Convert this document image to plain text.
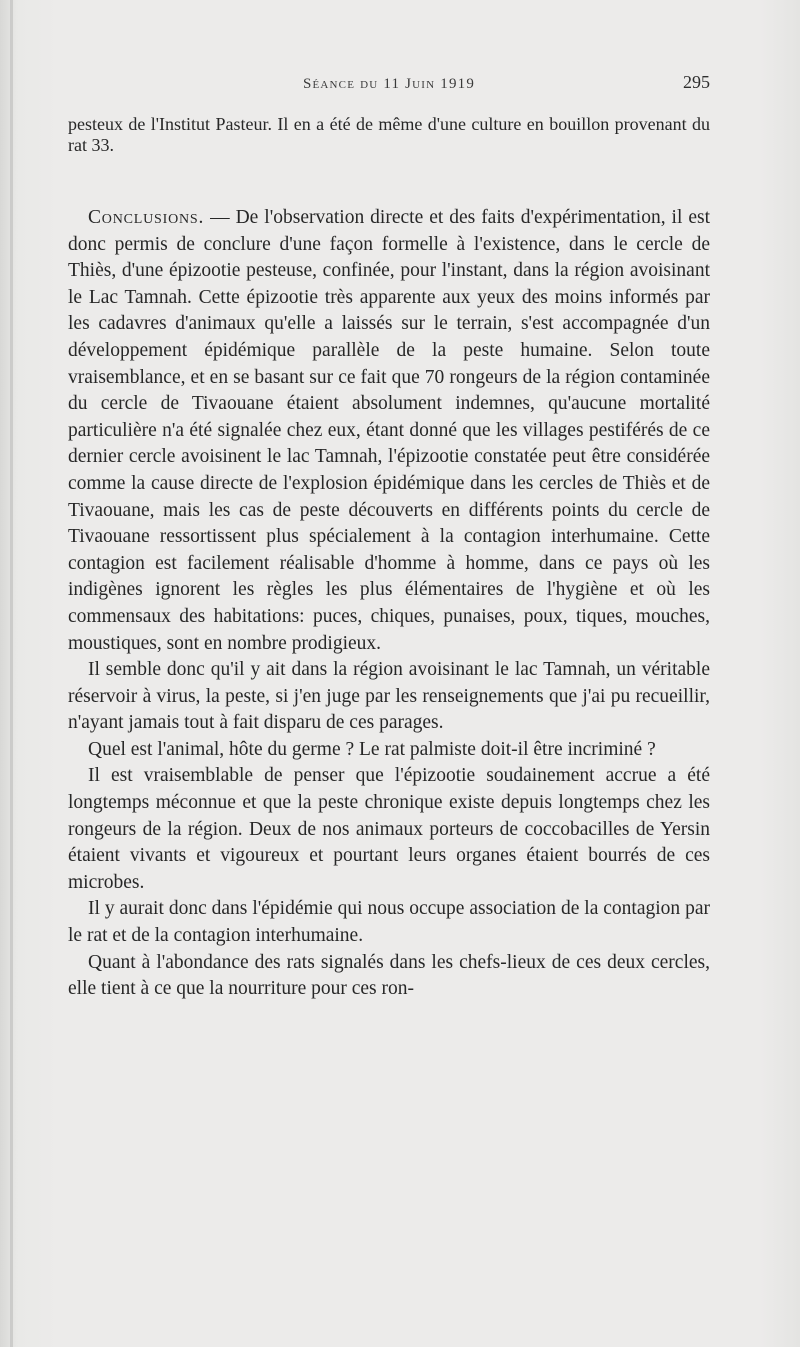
Séance du 11 Juin 1919	295

pesteux de l'Institut Pasteur. Il en a été de même d'une culture en bouillon provenant du rat 33.

Conclusions. — De l'observation directe et des faits d'expérimentation, il est donc permis de conclure d'une façon formelle à l'existence, dans le cercle de Thiès, d'une épizootie pesteuse, confinée, pour l'instant, dans la région avoisinant le Lac Tamnah. Cette épizootie très apparente aux yeux des moins informés par les cadavres d'animaux qu'elle a laissés sur le terrain, s'est accompagnée d'un développement épidémique parallèle de la peste humaine. Selon toute vraisemblance, et en se basant sur ce fait que 70 rongeurs de la région contaminée du cercle de Tivaouane étaient absolument indemnes, qu'aucune mortalité particulière n'a été signalée chez eux, étant donné que les villages pestiférés de ce dernier cercle avoisinent le lac Tamnah, l'épizootie constatée peut être considérée comme la cause directe de l'explosion épidémique dans les cercles de Thiès et de Tivaouane, mais les cas de peste découverts en différents points du cercle de Tivaouane ressortissent plus spécialement à la contagion interhumaine. Cette contagion est facilement réalisable d'homme à homme, dans ce pays où les indigènes ignorent les règles les plus élémentaires de l'hygiène et où les commensaux des habitations: puces, chiques, punaises, poux, tiques, mouches, moustiques, sont en nombre prodigieux.

Il semble donc qu'il y ait dans la région avoisinant le lac Tamnah, un véritable réservoir à virus, la peste, si j'en juge par les renseignements que j'ai pu recueillir, n'ayant jamais tout à fait disparu de ces parages.

Quel est l'animal, hôte du germe ? Le rat palmiste doit-il être incriminé ?

Il est vraisemblable de penser que l'épizootie soudainement accrue a été longtemps méconnue et que la peste chronique existe depuis longtemps chez les rongeurs de la région. Deux de nos animaux porteurs de coccobacilles de Yersin étaient vivants et vigoureux et pourtant leurs organes étaient bourrés de ces microbes.

Il y aurait donc dans l'épidémie qui nous occupe association de la contagion par le rat et de la contagion interhumaine.

Quant à l'abondance des rats signalés dans les chefs-lieux de ces deux cercles, elle tient à ce que la nourriture pour ces ron-
